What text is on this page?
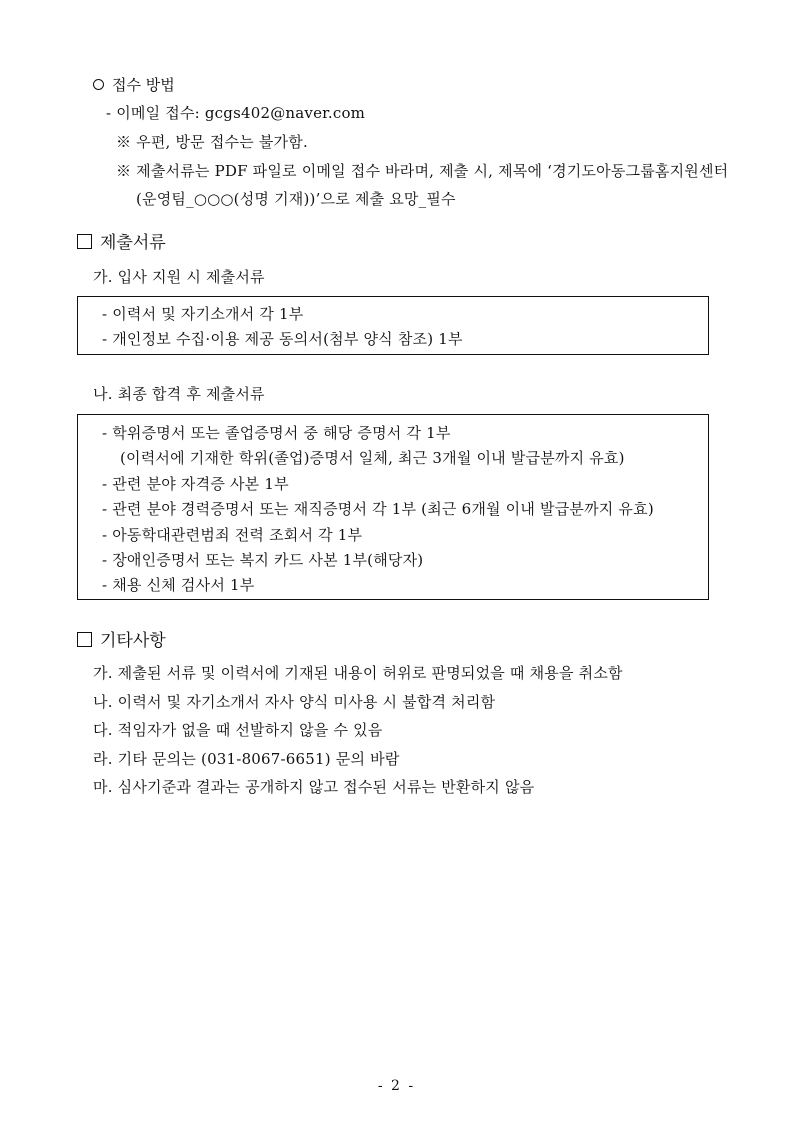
접수 방법
- 이메일 접수: gcgs402@naver.com
※ 우편, 방문 접수는 불가함.
※ 제출서류는 PDF 파일로 이메일 접수 바라며, 제출 시, 제목에 ‘경기도아동그룹홈지원센터
(운영팀_○○○(성명 기재))’으로 제출 요망_필수
제출서류
가. 입사 지원 시 제출서류
- 이력서 및 자기소개서 각 1부
- 개인정보 수집·이용 제공 동의서(첨부 양식 참조) 1부
나. 최종 합격 후 제출서류
- 학위증명서 또는 졸업증명서 중 해당 증명서 각 1부
(이력서에 기재한 학위(졸업)증명서 일체, 최근 3개월 이내 발급분까지 유효)
- 관련 분야 자격증 사본 1부
- 관련 분야 경력증명서 또는 재직증명서 각 1부 (최근 6개월 이내 발급분까지 유효)
- 아동학대관련범죄 전력 조회서 각 1부
- 장애인증명서 또는 복지 카드 사본 1부(해당자)
- 채용 신체 검사서 1부
기타사항
가. 제출된 서류 및 이력서에 기재된 내용이 허위로 판명되었을 때 채용을 취소함
나. 이력서 및 자기소개서 자사 양식 미사용 시 불합격 처리함
다. 적임자가 없을 때 선발하지 않을 수 있음
라. 기타 문의는 (031-8067-6651) 문의 바람
마. 심사기준과 결과는 공개하지 않고 접수된 서류는 반환하지 않음
- 2 -
